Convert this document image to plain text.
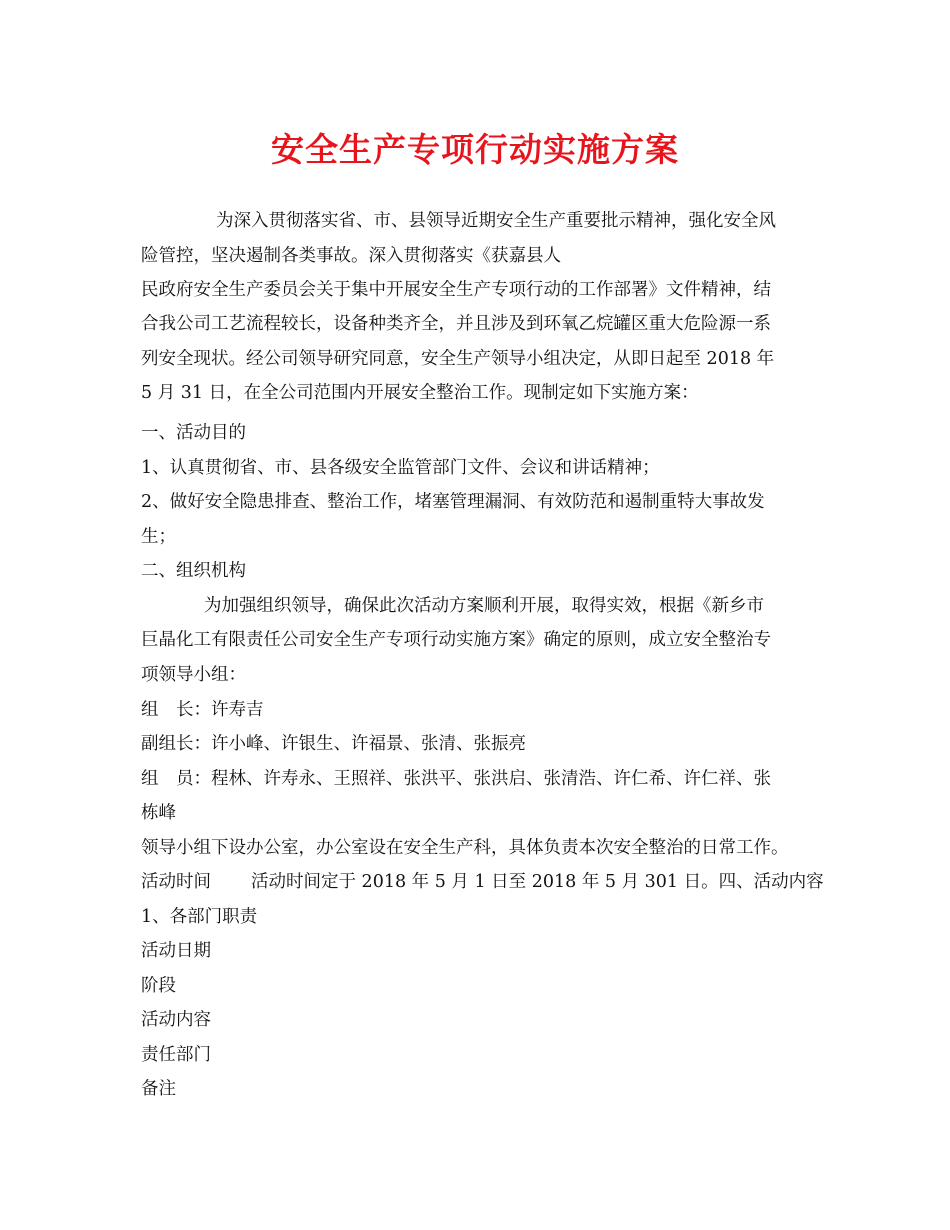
安全生产专项行动实施方案
为深入贯彻落实省、市、县领导近期安全生产重要批示精神，强化安全风
险管控，坚决遏制各类事故。深入贯彻落实《获嘉县人
民政府安全生产委员会关于集中开展安全生产专项行动的工作部署》文件精神，结
合我公司工艺流程较长，设备种类齐全，并且涉及到环氧乙烷罐区重大危险源一系
列安全现状。经公司领导研究同意，安全生产领导小组决定，从即日起至 2018 年
5 月 31 日，在全公司范围内开展安全整治工作。现制定如下实施方案：
一、活动目的
1、认真贯彻省、市、县各级安全监管部门文件、会议和讲话精神；
2、做好安全隐患排查、整治工作，堵塞管理漏洞、有效防范和遏制重特大事故发
生；
二、组织机构
为加强组织领导，确保此次活动方案顺利开展，取得实效，根据《新乡市
巨晶化工有限责任公司安全生产专项行动实施方案》确定的原则，成立安全整治专
项领导小组：
组　长：许寿吉
副组长：许小峰、许银生、许福景、张清、张振亮
组　员：程林、许寿永、王照祥、张洪平、张洪启、张清浩、许仁希、许仁祥、张
栋峰
领导小组下设办公室，办公室设在安全生产科，具体负责本次安全整治的日常工作。
活动时间 活动时间定于 2018 年 5 月 1 日至 2018 年 5 月 301 日。四、活动内容
1、各部门职责
活动日期
阶段
活动内容
责任部门
备注
